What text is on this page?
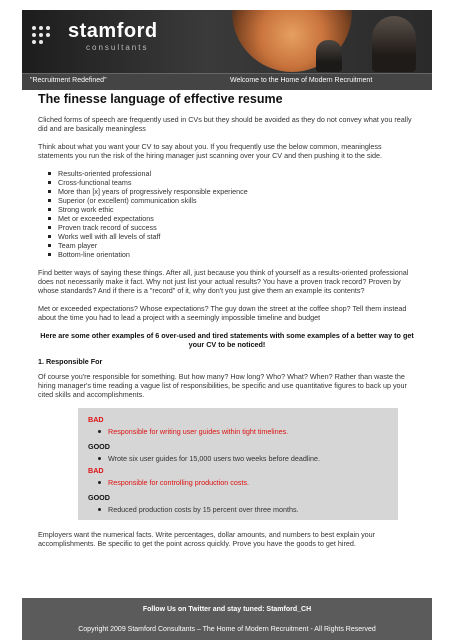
stamford
consultants
"Recruitment Redefined"	Welcome to the Home of Modern Recruitment
The finesse language of effective resume

Cliched forms of speech are frequently used in CVs but they should be avoided as they do not convey what you really did and are basically meaningless

Think about what you want your CV to say about you. If you frequently use the below common, meaningless statements you run the risk of the hiring manager just scanning over your CV and then pushing it to the side.

Results-oriented professional
Cross-functional teams
More than [x] years of progressively responsible experience
Superior (or excellent) communication skills
Strong work ethic
Met or exceeded expectations
Proven track record of success
Works well with all levels of staff
Team player
Bottom-line orientation

Find better ways of saying these things. After all, just because you think of yourself as a results-oriented professional does not necessarily make it fact. Why not just list your actual results? You have a proven track record? Proven by whose standards? And if there is a "record" of it, why don't you just give them an example its contents?

Met or exceeded expectations? Whose expectations? The guy down the street at the coffee shop? Tell them instead about the time you had to lead a project with a seemingly impossible timeline and budget

Here are some other examples of 6 over-used and tired statements with some examples of a better way to get your CV to be noticed!
1. Responsible For

Of course you're responsible for something. But how many? How long? Who? What? When? Rather than waste the hiring manager's time reading a vague list of responsibilities, be specific and use quantitative figures to back up your cited skills and accomplishments.

BAD
Responsible for writing user guides within tight timelines.
GOOD
Wrote six user guides for 15,000 users two weeks before deadline.
BAD
Responsible for controlling production costs.
GOOD
Reduced production costs by 15 percent over three months.

Employers want the numerical facts. Write percentages, dollar amounts, and numbers to best explain your accomplishments. Be specific to get the point across quickly. Prove you have the goods to get hired.

Follow Us on Twitter and stay tuned: Stamford_CH
Copyright 2009 Stamford Consultants – The Home of Modern Recruitment - All Rights Reserved
